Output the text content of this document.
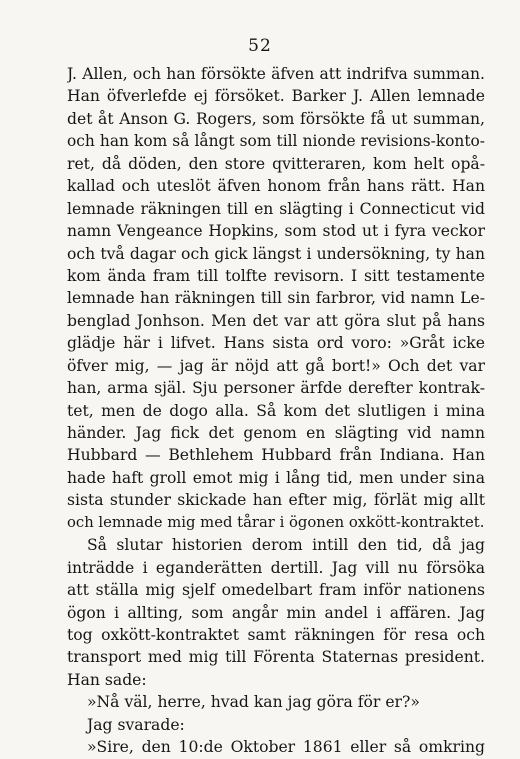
52
J. Allen, och han försökte äfven att indrifva summan.
Han öfverlefde ej försöket. Barker J. Allen lemnade
det åt Anson G. Rogers, som försökte få ut summan,
och han kom så långt som till nionde revisions-konto-
ret, då döden, den store qvitteraren, kom helt opå-
kallad och uteslöt äfven honom från hans rätt. Han
lemnade räkningen till en slägting i Connecticut vid
namn Vengeance Hopkins, som stod ut i fyra veckor
och två dagar och gick längst i undersökning, ty han
kom ända fram till tolfte revisorn. I sitt testamente
lemnade han räkningen till sin farbror, vid namn Le-
benglad Jonhson. Men det var att göra slut på hans
glädje här i lifvet. Hans sista ord voro: »Gråt icke
öfver mig, — jag är nöjd att gå bort!» Och det var
han, arma själ. Sju personer ärfde derefter kontrak-
tet, men de dogo alla. Så kom det slutligen i mina
händer. Jag fick det genom en slägting vid namn
Hubbard — Bethlehem Hubbard från Indiana. Han
hade haft groll emot mig i lång tid, men under sina
sista stunder skickade han efter mig, förlät mig allt
och lemnade mig med tårar i ögonen oxkött-kontraktet.
Så slutar historien derom intill den tid, då jag
inträdde i eganderätten dertill. Jag vill nu försöka
att ställa mig sjelf omedelbart fram inför nationens
ögon i allting, som angår min andel i affären. Jag
tog oxkött-kontraktet samt räkningen för resa och
transport med mig till Förenta Staternas president.
Han sade:
»Nå väl, herre, hvad kan jag göra för er?»
Jag svarade:
»Sire, den 10:de Oktober 1861 eller så omkring
